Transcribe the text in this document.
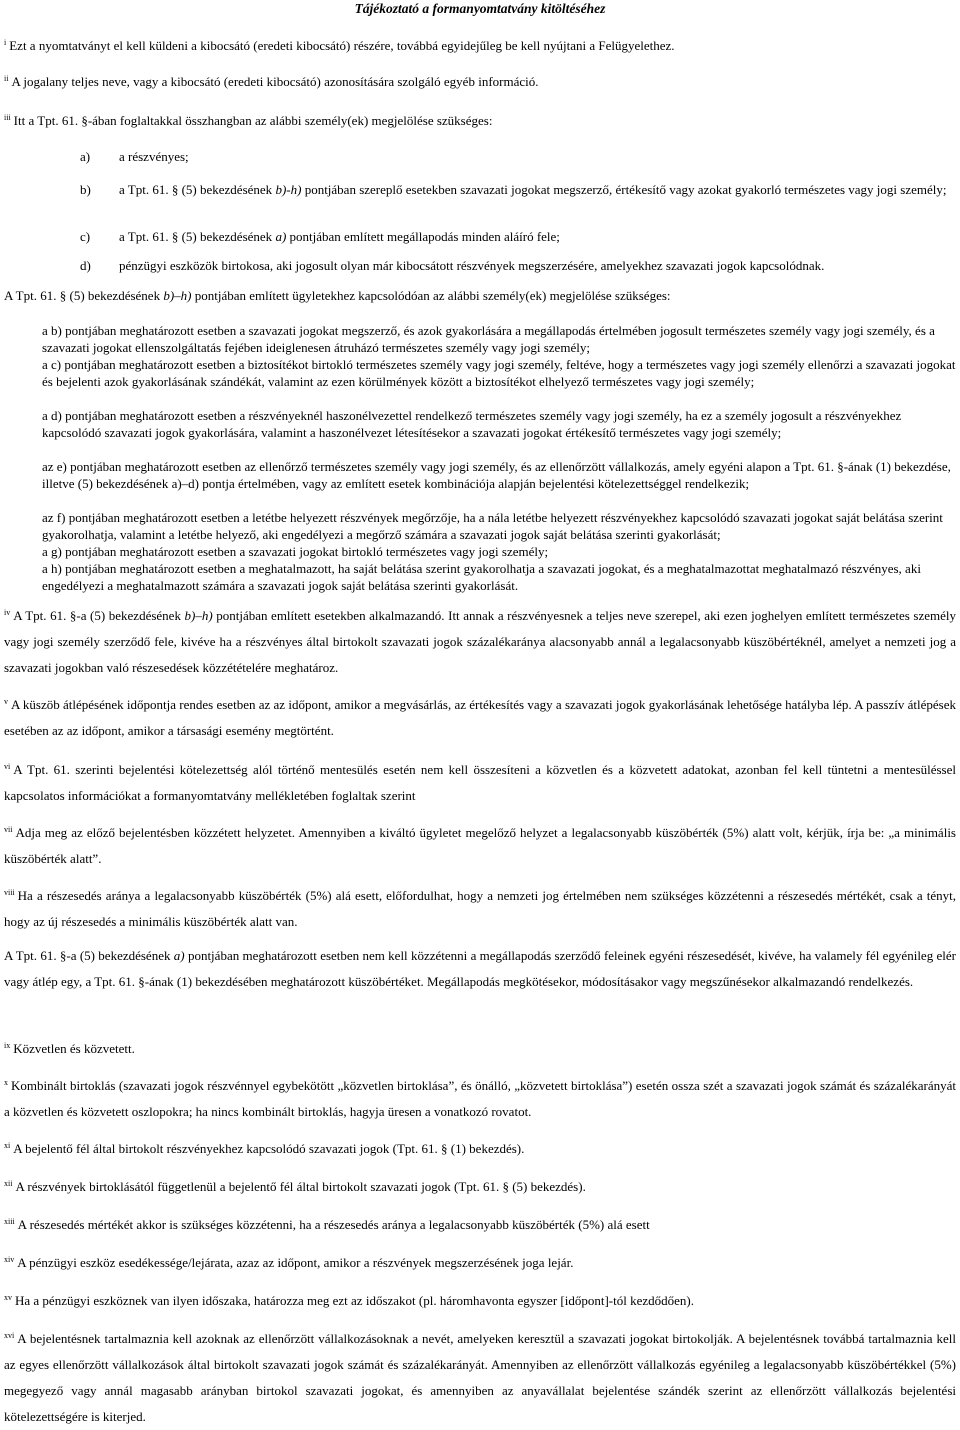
Tájékoztató a formanyomtatvány kitöltéséhez
$^i$ Ezt a nyomtatványt el kell küldeni a kibocsátó (eredeti kibocsátó) részére, továbbá egyidejűleg be kell nyújtani a Felügyelethez.
$^{ii}$ A jogalany teljes neve, vagy a kibocsátó (eredeti kibocsátó) azonosítására szolgáló egyéb információ.
$^{iii}$ Itt a Tpt. 61. §-ában foglaltakkal összhangban az alábbi személy(ek) megjelölése szükséges:
a) a részvényes;
b) a Tpt. 61. § (5) bekezdésének b)-h) pontjában szereplő esetekben szavazati jogokat megszerző, értékesítő vagy azokat gyakorló természetes vagy jogi személy;
c) a Tpt. 61. § (5) bekezdésének a) pontjában említett megállapodás minden aláíró fele;
d) pénzügyi eszközök birtokosa, aki jogosult olyan már kibocsátott részvények megszerzésére, amelyekhez szavazati jogok kapcsolódnak.
A Tpt. 61. § (5) bekezdésének b)–h) pontjában említett ügyletekhez kapcsolódóan az alábbi személy(ek) megjelölése szükséges:
a b) pontjában meghatározott esetben a szavazati jogokat megszerző, és azok gyakorlására a megállapodás értelmében jogosult természetes személy vagy jogi személy, és a szavazati jogokat ellenszolgáltatás fejében ideiglenesen átruházó természetes személy vagy jogi személy;
a c) pontjában meghatározott esetben a biztosítékot birtokló természetes személy vagy jogi személy, feltéve, hogy a természetes vagy jogi személy ellenőrzi a szavazati jogokat és bejelenti azok gyakorlásának szándékát, valamint az ezen körülmények között a biztosítékot elhelyező természetes vagy jogi személy;
a d) pontjában meghatározott esetben a részvényeknél haszonélvezettel rendelkező természetes személy vagy jogi személy, ha ez a személy jogosult a részvényekhez kapcsolódó szavazati jogok gyakorlására, valamint a haszonélvezet létesítésekor a szavazati jogokat értékesítő természetes vagy jogi személy;
az e) pontjában meghatározott esetben az ellenőrző természetes személy vagy jogi személy, és az ellenőrzött vállalkozás, amely egyéni alapon a Tpt. 61. §-ának (1) bekezdése, illetve (5) bekezdésének a)–d) pontja értelmében, vagy az említett esetek kombinációja alapján bejelentési kötelezettséggel rendelkezik;
az f) pontjában meghatározott esetben a letétbe helyezett részvények megőrzője, ha a nála letétbe helyezett részvényekhez kapcsolódó szavazati jogokat saját belátása szerint gyakorolhatja, valamint a letétbe helyező, aki engedélyezi a megőrző számára a szavazati jogok saját belátása szerinti gyakorlását;
a g) pontjában meghatározott esetben a szavazati jogokat birtokló természetes vagy jogi személy;
a h) pontjában meghatározott esetben a meghatalmazott, ha saját belátása szerint gyakorolhatja a szavazati jogokat, és a meghatalmazottat meghatalmazó részvényes, aki engedélyezi a meghatalmazott számára a szavazati jogok saját belátása szerinti gyakorlását.
$^{iv}$ A Tpt. 61. §-a (5) bekezdésének b)–h) pontjában említett esetekben alkalmazandó. Itt annak a részvényesnek a teljes neve szerepel, aki ezen joghelyen említett természetes személy vagy jogi személy szerződő fele, kivéve ha a részvényes által birtokolt szavazati jogok százalékaránya alacsonyabb annál a legalacsonyabb küszöbértéknél, amelyet a nemzeti jog a szavazati jogokban való részesedések közzétételére meghatároz.
$^v$ A küszöb átlépésének időpontja rendes esetben az az időpont, amikor a megvásárlás, az értékesítés vagy a szavazati jogok gyakorlásának lehetősége hatályba lép. A passzív átlépések esetében az az időpont, amikor a társasági esemény megtörtént.
$^{vi}$ A Tpt. 61. szerinti bejelentési kötelezettség alól történő mentesülés esetén nem kell összesíteni a közvetlen és a közvetett adatokat, azonban fel kell tüntetni a mentesüléssel kapcsolatos információkat a formanyomtatvány mellékletében foglaltak szerint
$^{vii}$ Adja meg az előző bejelentésben közzétett helyzetet. Amennyiben a kiváltó ügyletet megelőző helyzet a legalacsonyabb küszöbérték (5%) alatt volt, kérjük, írja be: „a minimális küszöbérték alatt”.
$^{viii}$ Ha a részesedés aránya a legalacsonyabb küszöbérték (5%) alá esett, előfordulhat, hogy a nemzeti jog értelmében nem szükséges közzétenni a részesedés mértékét, csak a tényt, hogy az új részesedés a minimális küszöbérték alatt van.
A Tpt. 61. §-a (5) bekezdésének a) pontjában meghatározott esetben nem kell közzétenni a megállapodás szerződő feleinek egyéni részesedését, kivéve, ha valamely fél egyénileg elér vagy átlép egy, a Tpt. 61. §-ának (1) bekezdésében meghatározott küszöbértéket. Megállapodás megkötésekor, módosításakor vagy megszűnésekor alkalmazandó rendelkezés.
$^{ix}$ Közvetlen és közvetett.
$^x$ Kombinált birtoklás (szavazati jogok részvénnyel egybekötött „közvetlen birtoklása”, és önálló, „közvetett birtoklása”) esetén ossza szét a szavazati jogok számát és százalékarányát a közvetlen és közvetett oszlopokra; ha nincs kombinált birtoklás, hagyja üresen a vonatkozó rovatot.
$^{xi}$ A bejelentő fél által birtokolt részvényekhez kapcsolódó szavazati jogok (Tpt. 61. § (1) bekezdés).
$^{xii}$ A részvények birtoklásától függetlenül a bejelentő fél által birtokolt szavazati jogok (Tpt. 61. § (5) bekezdés).
$^{xiii}$ A részesedés mértékét akkor is szükséges közzétenni, ha a részesedés aránya a legalacsonyabb küszöbérték (5%) alá esett
$^{xiv}$ A pénzügyi eszköz esedékessége/lejárata, azaz az időpont, amikor a részvények megszerzésének joga lejár.
$^{xv}$ Ha a pénzügyi eszköznek van ilyen időszaka, határozza meg ezt az időszakot (pl. háromhavonta egyszer [időpont]-tól kezdődően).
$^{xvi}$ A bejelentésnek tartalmaznia kell azoknak az ellenőrzött vállalkozásoknak a nevét, amelyeken keresztül a szavazati jogokat birtokolják. A bejelentésnek továbbá tartalmaznia kell az egyes ellenőrzött vállalkozások által birtokolt szavazati jogok számát és százalékarányát. Amennyiben az ellenőrzött vállalkozás egyénileg a legalacsonyabb küszöbértékkel (5%) megegyező vagy annál magasabb arányban birtokol szavazati jogokat, és amennyiben az anyavállalat bejelentése szándék szerint az ellenőrzött vállalkozás bejelentési kötelezettségére is kiterjed.
